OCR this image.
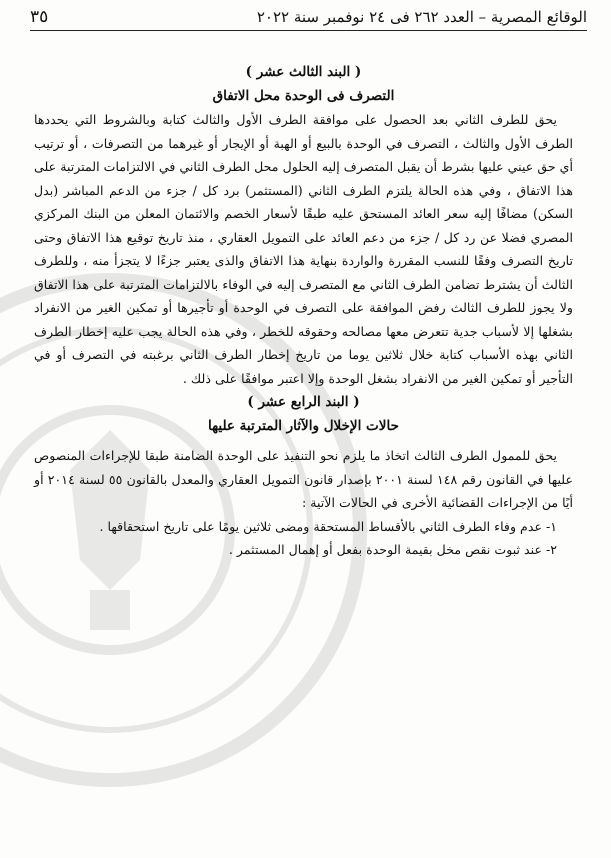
الوقائع المصرية – العدد ٢٦٢ فى ٢٤ نوفمبر سنة ٢٠٢٢
٣٥

( البند الثالث عشر )

التصرف فى الوحدة محل الاتفاق

يحق للطرف الثاني بعد الحصول على موافقة الطرف الأول والثالث كتابة وبالشروط التي يحددها الطرف الأول والثالث ، التصرف في الوحدة بالبيع أو الهبة أو الإيجار أو غيرهما من التصرفات ، أو ترتيب أي حق عيني عليها بشرط أن يقبل المتصرف إليه الحلول محل الطرف الثاني في الالتزامات المترتبة على هذا الاتفاق ، وفي هذه الحالة يلتزم الطرف الثاني (المستثمر) برد كل / جزء من الدعم المباشر (بدل السكن) مضافًا إليه سعر العائد المستحق عليه طبقًا لأسعار الخصم والائتمان المعلن من البنك المركزي المصري فضلا عن رد كل / جزء من دعم العائد على التمويل العقاري ، منذ تاريخ توقيع هذا الاتفاق وحتى تاريخ التصرف وفقًا للنسب المقررة والواردة بنهاية هذا الاتفاق والذى يعتبر جزءًا لا يتجزأ منه ، وللطرف الثالث أن يشترط تضامن الطرف الثاني مع المتصرف إليه في الوفاء بالالتزامات المترتبة على هذا الاتفاق ولا يجوز للطرف الثالث رفض الموافقة على التصرف في الوحدة أو تأجيرها أو تمكين الغير من الانفراد بشغلها إلا لأسباب جدية تتعرض معها مصالحه وحقوقه للخطر ، وفي هذه الحالة يجب عليه إخطار الطرف الثاني بهذه الأسباب كتابة خلال ثلاثين يوما من تاريخ إخطار الطرف الثاني برغبته في التصرف أو في التأجير أو تمكين الغير من الانفراد بشغل الوحدة وإلا اعتبر موافقًا على ذلك .

( البند الرابع عشر )

حالات الإخلال والآثار المترتبة عليها

يحق للممول الطرف الثالث اتخاذ ما يلزم نحو التنفيذ على الوحدة الضامنة طبقا للإجراءات المنصوص عليها في القانون رقم ١٤٨ لسنة ٢٠٠١ بإصدار قانون التمويل العقاري والمعدل بالقانون ٥٥ لسنة ٢٠١٤ أو أيًا من الإجراءات القضائية الأخرى في الحالات الآتية :

١- عدم وفاء الطرف الثاني بالأقساط المستحقة ومضى ثلاثين يومًا على تاريخ استحقاقها .

٢- عند ثبوت نقص مخل بقيمة الوحدة بفعل أو إهمال المستثمر .
